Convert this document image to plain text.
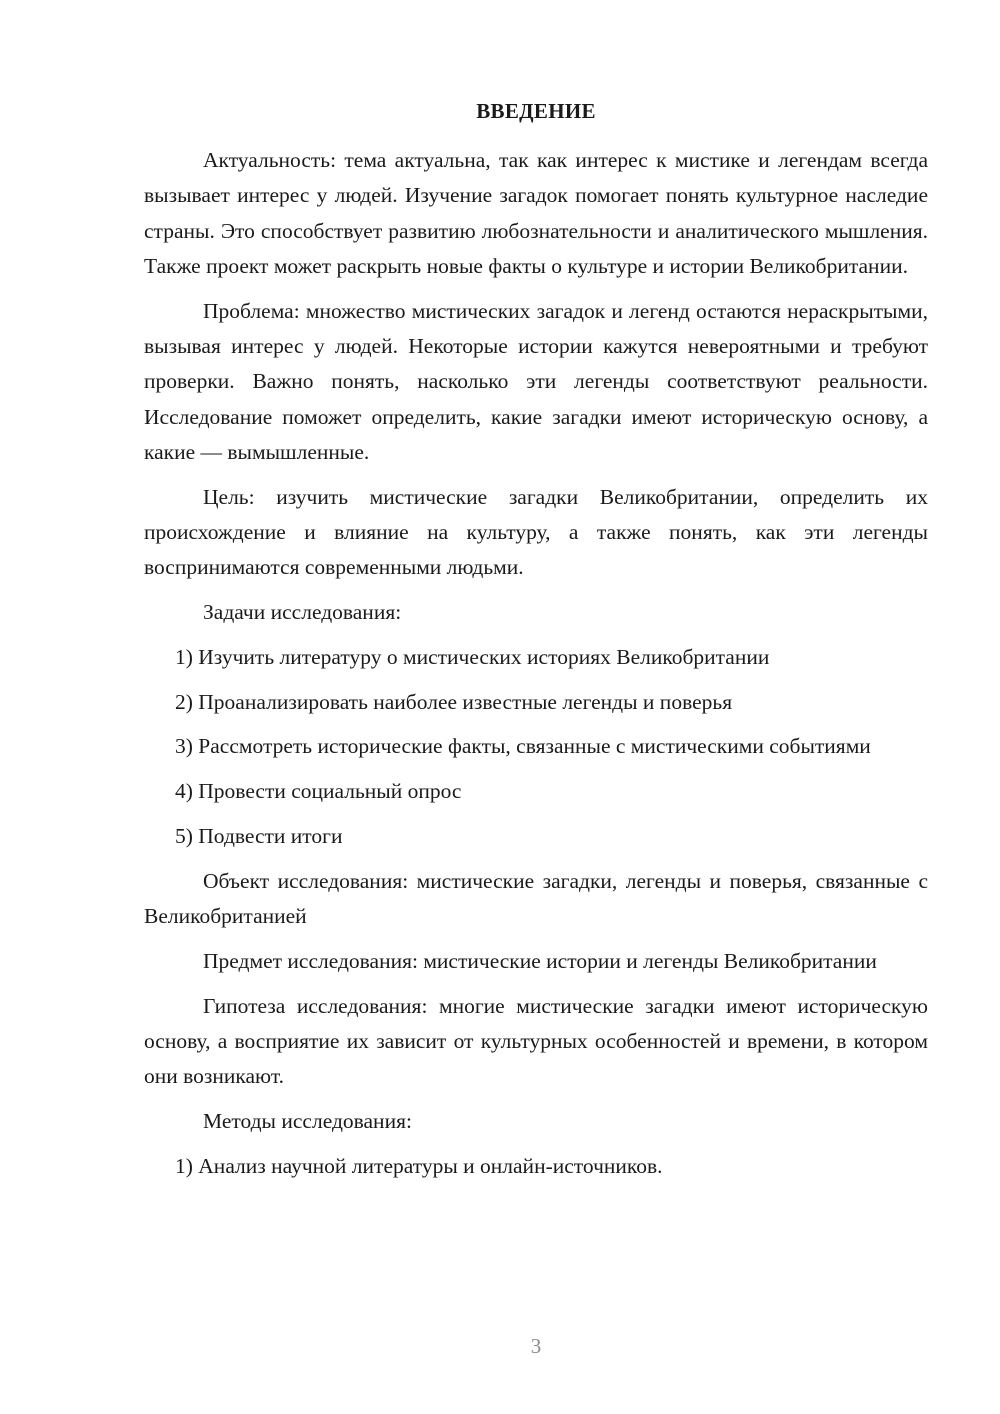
ВВЕДЕНИЕ

Актуальность: тема актуальна, так как интерес к мистике и легендам всегда вызывает интерес у людей. Изучение загадок помогает понять культурное наследие страны. Это способствует развитию любознательности и аналитического мышления. Также проект может раскрыть новые факты о культуре и истории Великобритании.

Проблема: множество мистических загадок и легенд остаются нераскрытыми, вызывая интерес у людей. Некоторые истории кажутся невероятными и требуют проверки. Важно понять, насколько эти легенды соответствуют реальности. Исследование поможет определить, какие загадки имеют историческую основу, а какие — вымышленные.

Цель: изучить мистические загадки Великобритании, определить их происхождение и влияние на культуру, а также понять, как эти легенды воспринимаются современными людьми.

Задачи исследования:

1) Изучить литературу о мистических историях Великобритании

2) Проанализировать наиболее известные легенды и поверья

3) Рассмотреть исторические факты, связанные с мистическими событиями

4) Провести социальный опрос

5) Подвести итоги

Объект исследования: мистические загадки, легенды и поверья, связанные с Великобританией

Предмет исследования: мистические истории и легенды Великобритании

Гипотеза исследования: многие мистические загадки имеют историческую основу, а восприятие их зависит от культурных особенностей и времени, в котором они возникают.

Методы исследования:

1) Анализ научной литературы и онлайн-источников.

3
